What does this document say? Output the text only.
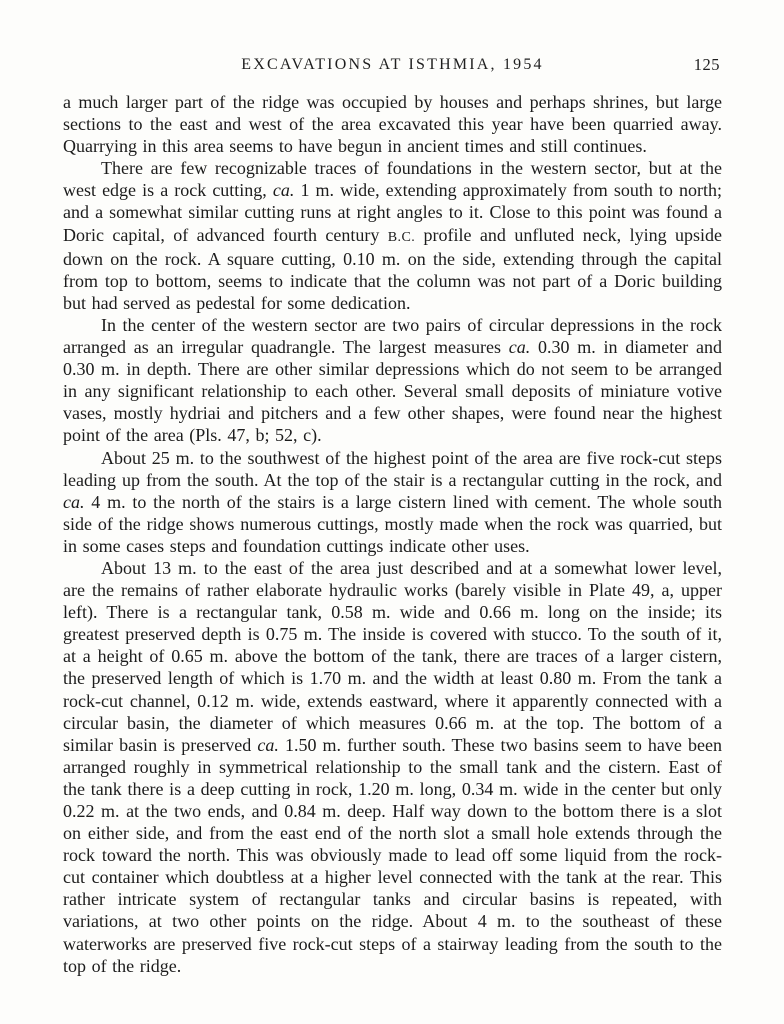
EXCAVATIONS AT ISTHMIA, 1954	125

a much larger part of the ridge was occupied by houses and perhaps shrines, but large sections to the east and west of the area excavated this year have been quarried away. Quarrying in this area seems to have begun in ancient times and still continues.

There are few recognizable traces of foundations in the western sector, but at the west edge is a rock cutting, ca. 1 m. wide, extending approximately from south to north; and a somewhat similar cutting runs at right angles to it. Close to this point was found a Doric capital, of advanced fourth century B.C. profile and unfluted neck, lying upside down on the rock. A square cutting, 0.10 m. on the side, extending through the capital from top to bottom, seems to indicate that the column was not part of a Doric building but had served as pedestal for some dedication.

In the center of the western sector are two pairs of circular depressions in the rock arranged as an irregular quadrangle. The largest measures ca. 0.30 m. in diameter and 0.30 m. in depth. There are other similar depressions which do not seem to be arranged in any significant relationship to each other. Several small deposits of miniature votive vases, mostly hydriai and pitchers and a few other shapes, were found near the highest point of the area (Pls. 47, b; 52, c).

About 25 m. to the southwest of the highest point of the area are five rock-cut steps leading up from the south. At the top of the stair is a rectangular cutting in the rock, and ca. 4 m. to the north of the stairs is a large cistern lined with cement. The whole south side of the ridge shows numerous cuttings, mostly made when the rock was quarried, but in some cases steps and foundation cuttings indicate other uses.

About 13 m. to the east of the area just described and at a somewhat lower level, are the remains of rather elaborate hydraulic works (barely visible in Plate 49, a, upper left). There is a rectangular tank, 0.58 m. wide and 0.66 m. long on the inside; its greatest preserved depth is 0.75 m. The inside is covered with stucco. To the south of it, at a height of 0.65 m. above the bottom of the tank, there are traces of a larger cistern, the preserved length of which is 1.70 m. and the width at least 0.80 m. From the tank a rock-cut channel, 0.12 m. wide, extends eastward, where it apparently connected with a circular basin, the diameter of which measures 0.66 m. at the top. The bottom of a similar basin is preserved ca. 1.50 m. further south. These two basins seem to have been arranged roughly in symmetrical relationship to the small tank and the cistern. East of the tank there is a deep cutting in rock, 1.20 m. long, 0.34 m. wide in the center but only 0.22 m. at the two ends, and 0.84 m. deep. Half way down to the bottom there is a slot on either side, and from the east end of the north slot a small hole extends through the rock toward the north. This was obviously made to lead off some liquid from the rock-cut container which doubtless at a higher level connected with the tank at the rear. This rather intricate system of rectangular tanks and circular basins is repeated, with variations, at two other points on the ridge. About 4 m. to the southeast of these waterworks are preserved five rock-cut steps of a stairway leading from the south to the top of the ridge.
